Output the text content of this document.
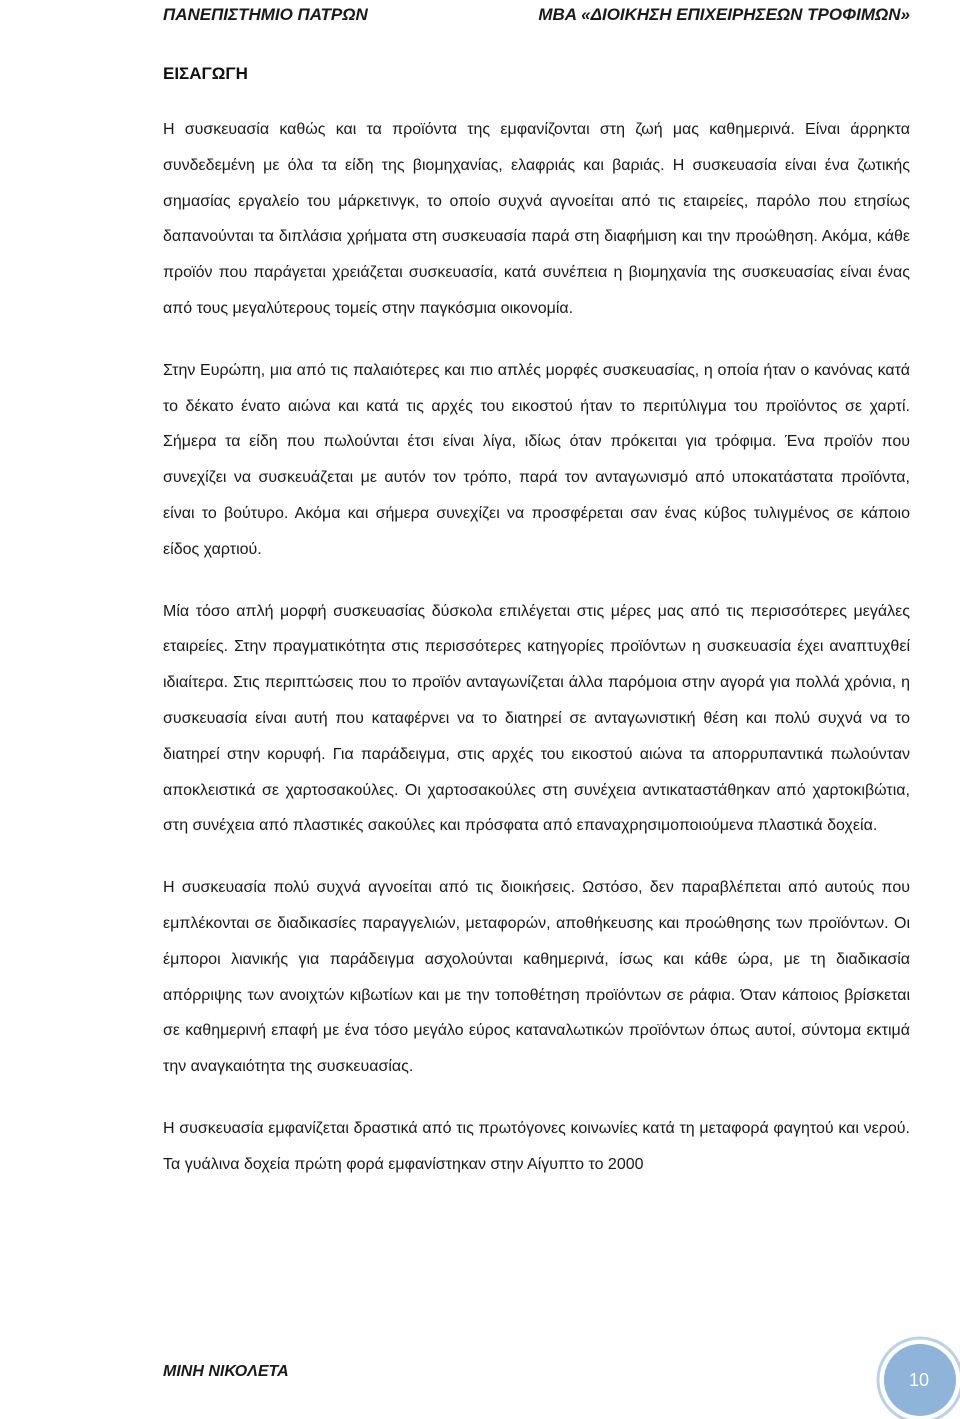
ΠΑΝΕΠΙΣΤΗΜΙΟ ΠΑΤΡΩΝ	ΜΒΑ «ΔΙΟΙΚΗΣΗ ΕΠΙΧΕΙΡΗΣΕΩΝ ΤΡΟΦΙΜΩΝ»
ΕΙΣΑΓΩΓΗ

Η συσκευασία καθώς και τα προϊόντα της εμφανίζονται στη ζωή μας καθημερινά. Είναι άρρηκτα συνδεδεμένη με όλα τα είδη της βιομηχανίας, ελαφριάς και βαριάς. Η συσκευασία είναι ένα ζωτικής σημασίας εργαλείο του μάρκετινγκ, το οποίο συχνά αγνοείται από τις εταιρείες, παρόλο που ετησίως δαπανούνται τα διπλάσια χρήματα στη συσκευασία παρά στη διαφήμιση και την προώθηση. Ακόμα, κάθε προϊόν που παράγεται χρειάζεται συσκευασία, κατά συνέπεια η βιομηχανία της συσκευασίας είναι ένας από τους μεγαλύτερους τομείς στην παγκόσμια οικονομία.

Στην Ευρώπη, μια από τις παλαιότερες και πιο απλές μορφές συσκευασίας, η οποία ήταν ο κανόνας κατά το δέκατο ένατο αιώνα και κατά τις αρχές του εικοστού ήταν το περιτύλιγμα του προϊόντος σε χαρτί. Σήμερα τα είδη που πωλούνται έτσι είναι λίγα, ιδίως όταν πρόκειται για τρόφιμα. Ένα προϊόν που συνεχίζει να συσκευάζεται με αυτόν τον τρόπο, παρά τον ανταγωνισμό από υποκατάστατα προϊόντα, είναι το βούτυρο. Ακόμα και σήμερα συνεχίζει να προσφέρεται σαν ένας κύβος τυλιγμένος σε κάποιο είδος χαρτιού.

Μία τόσο απλή μορφή συσκευασίας δύσκολα επιλέγεται στις μέρες μας από τις περισσότερες μεγάλες εταιρείες. Στην πραγματικότητα στις περισσότερες κατηγορίες προϊόντων η συσκευασία έχει αναπτυχθεί ιδιαίτερα. Στις περιπτώσεις που το προϊόν ανταγωνίζεται άλλα παρόμοια στην αγορά για πολλά χρόνια, η συσκευασία είναι αυτή που καταφέρνει να το διατηρεί σε ανταγωνιστική θέση και πολύ συχνά να το διατηρεί στην κορυφή. Για παράδειγμα, στις αρχές του εικοστού αιώνα τα απορρυπαντικά πωλούνταν αποκλειστικά σε χαρτοσακούλες. Οι χαρτοσακούλες στη συνέχεια αντικαταστάθηκαν από χαρτοκιβώτια, στη συνέχεια από πλαστικές σακούλες και πρόσφατα από επαναχρησιμοποιούμενα πλαστικά δοχεία.

Η συσκευασία πολύ συχνά αγνοείται από τις διοικήσεις. Ωστόσο, δεν παραβλέπεται από αυτούς που εμπλέκονται σε διαδικασίες παραγγελιών, μεταφορών, αποθήκευσης και προώθησης των προϊόντων. Οι έμποροι λιανικής για παράδειγμα ασχολούνται καθημερινά, ίσως και κάθε ώρα, με τη διαδικασία απόρριψης των ανοιχτών κιβωτίων και με την τοποθέτηση προϊόντων σε ράφια. Όταν κάποιος βρίσκεται σε καθημερινή επαφή με ένα τόσο μεγάλο εύρος καταναλωτικών προϊόντων όπως αυτοί, σύντομα εκτιμά την αναγκαιότητα της συσκευασίας.

Η συσκευασία εμφανίζεται δραστικά από τις πρωτόγονες κοινωνίες κατά τη μεταφορά φαγητού και νερού. Τα γυάλινα δοχεία πρώτη φορά εμφανίστηκαν στην Αίγυπτο το 2000

ΜΙΝΗ ΝΙΚΟΛΕΤΑ	10
